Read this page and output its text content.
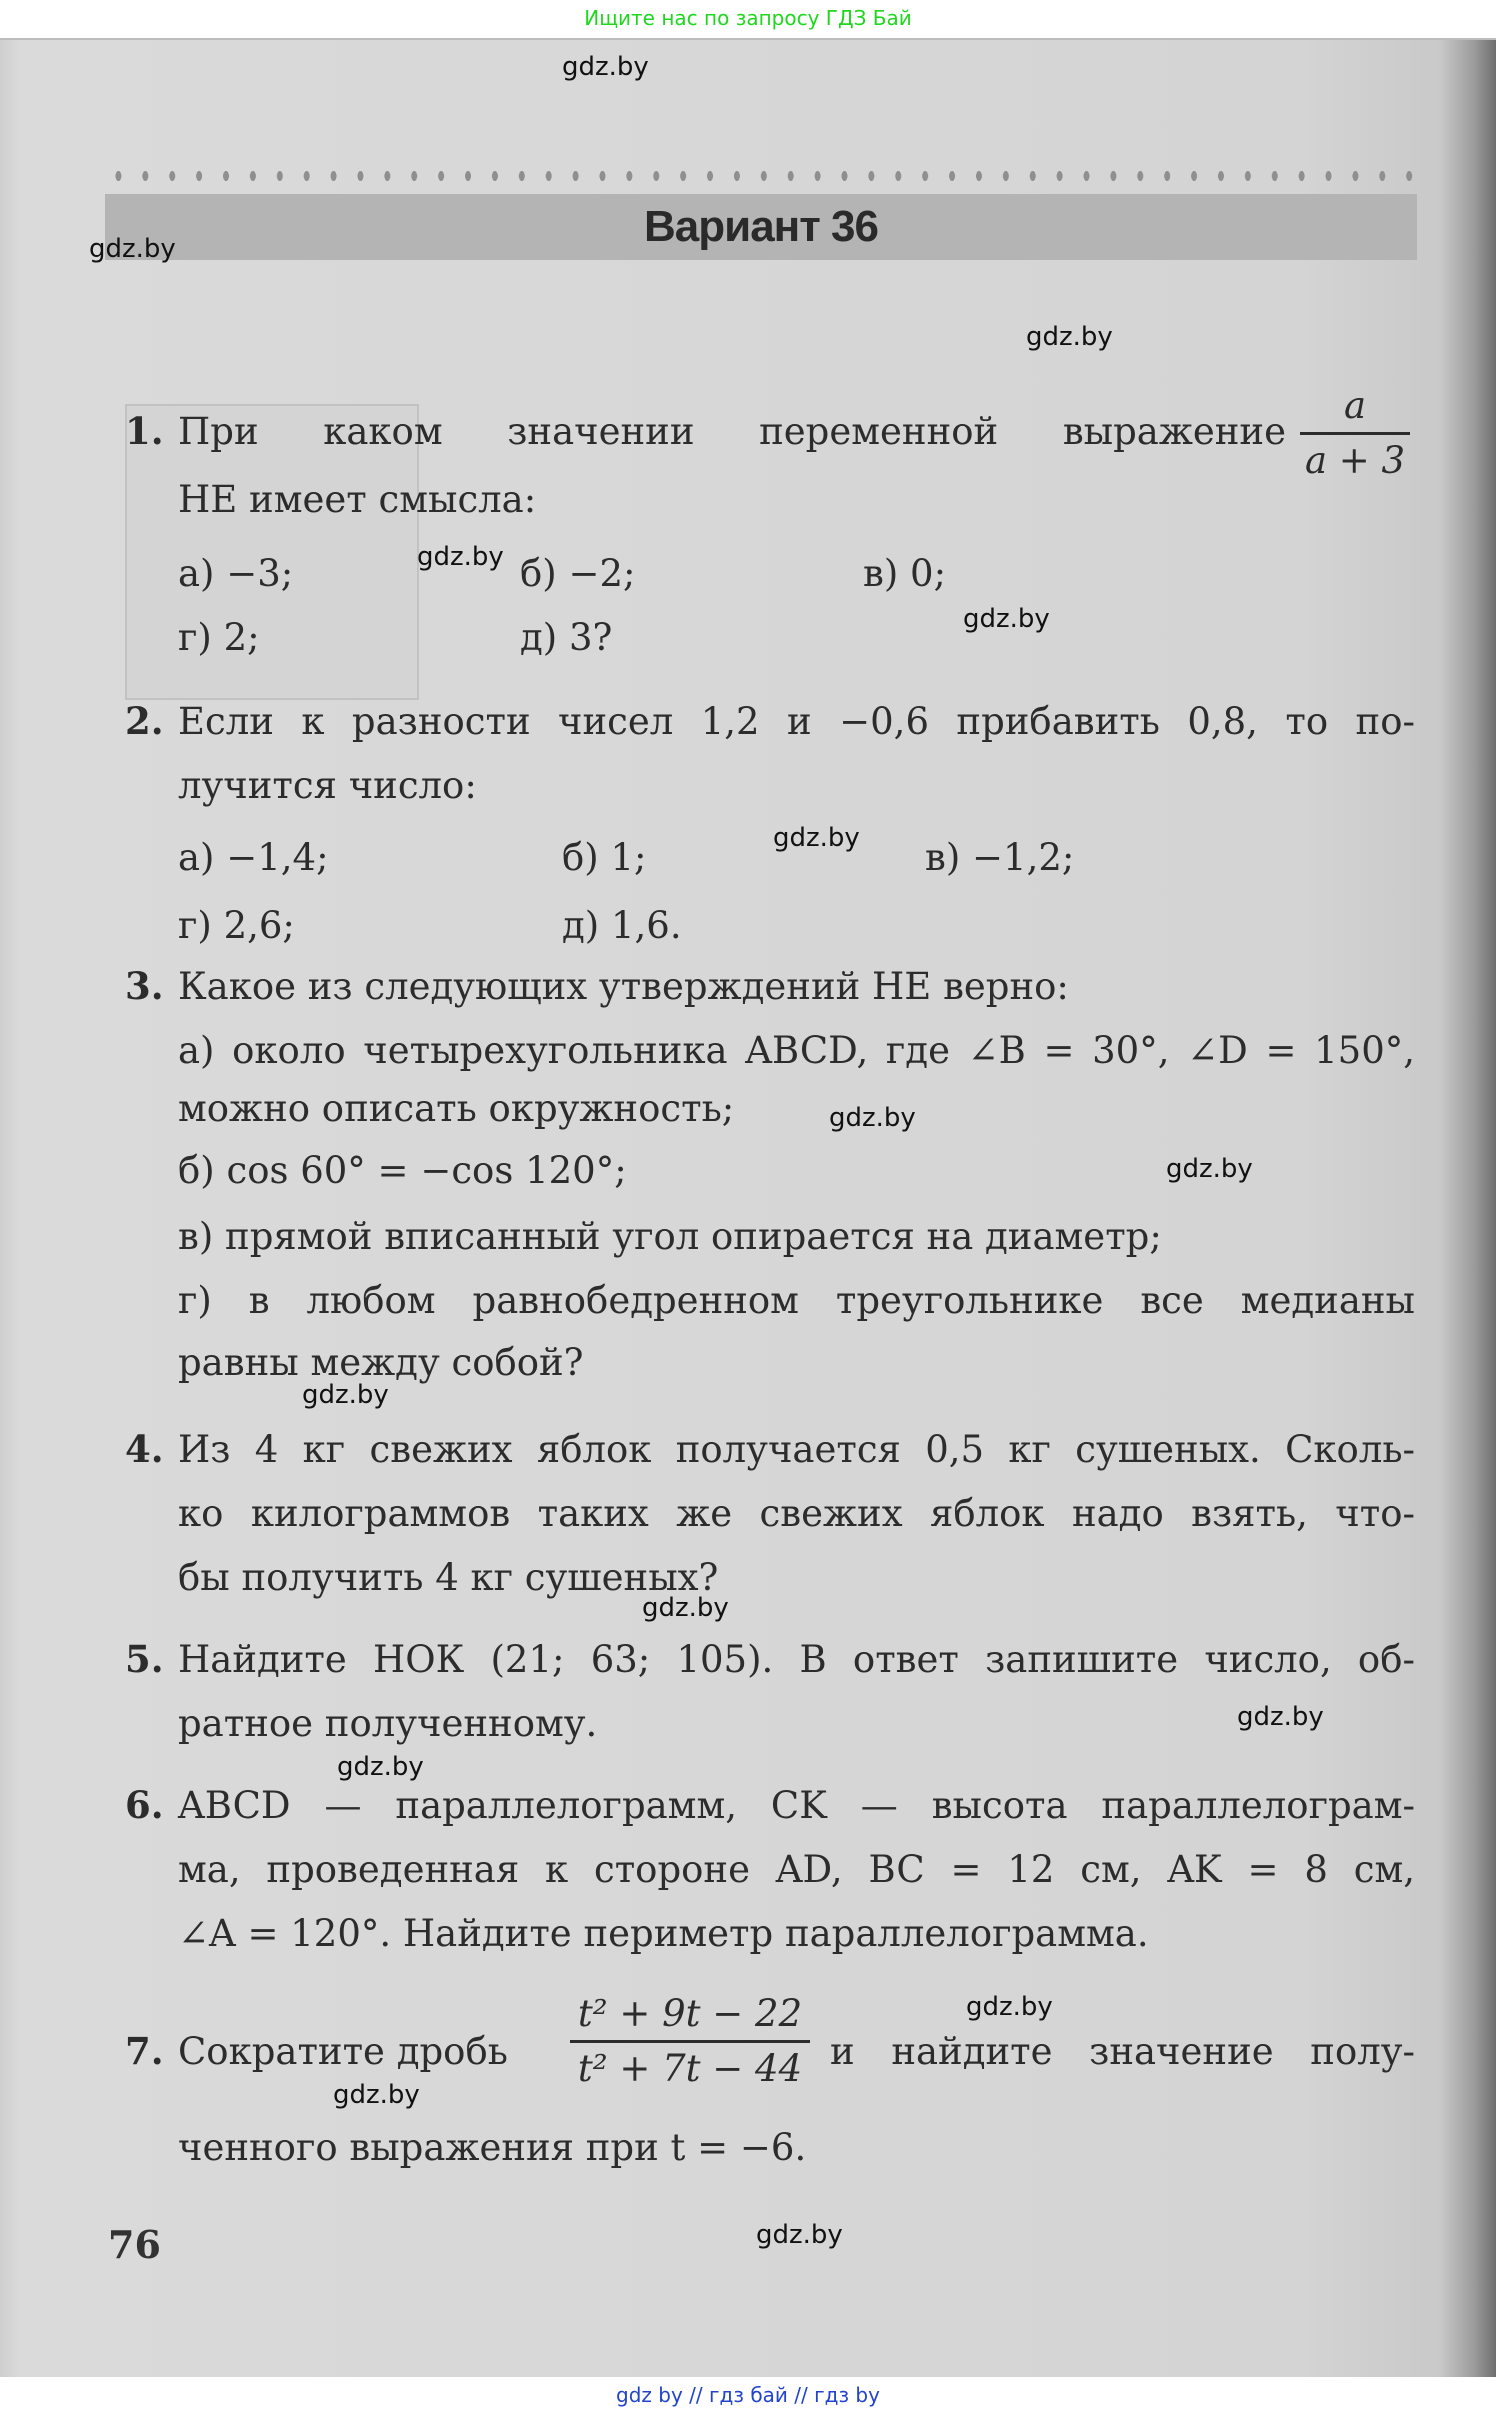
Ищите нас по запросу ГДЗ Бай
Вариант 36
1. При каком значении переменной выражение
НЕ имеет смысла:
а) −3;	б) −2;	в) 0;
г) 2;	д) 3?
a
a + 3
2. Если к разности чисел 1,2 и −0,6 прибавить 0,8, то по-
лучится число:
а) −1,4;	б) 1;	в) −1,2;
г) 2,6;	д) 1,6.
3. Какое из следующих утверждений НЕ верно:
а) около четырехугольника ABCD, где ∠B = 30°, ∠D = 150°,
можно описать окружность;
б) cos 60° = −cos 120°;
в) прямой вписанный угол опирается на диаметр;
г) в любом равнобедренном треугольнике все медианы
равны между собой?
4. Из 4 кг свежих яблок получается 0,5 кг сушеных. Сколь-
ко килограммов таких же свежих яблок надо взять, что-
бы получить 4 кг сушеных?
5. Найдите НОК (21; 63; 105). В ответ запишите число, об-
ратное полученному.
6. ABCD — параллелограмм, CK — высота параллелограм-
ма, проведенная к стороне AD, BC = 12 см, AK = 8 см,
∠A = 120°. Найдите периметр параллелограмма.
7. Сократите дробь	и найдите значение полу-
ченного выражения при t = −6.
t² + 9t − 22
t² + 7t − 44
76
gdz.by
gdz.by
gdz.by
gdz.by
gdz.by
gdz.by
gdz.by
gdz.by
gdz.by
gdz.by
gdz.by
gdz.by
gdz.by
gdz.by
gdz.by
gdz by // гдз бай // гдз by
